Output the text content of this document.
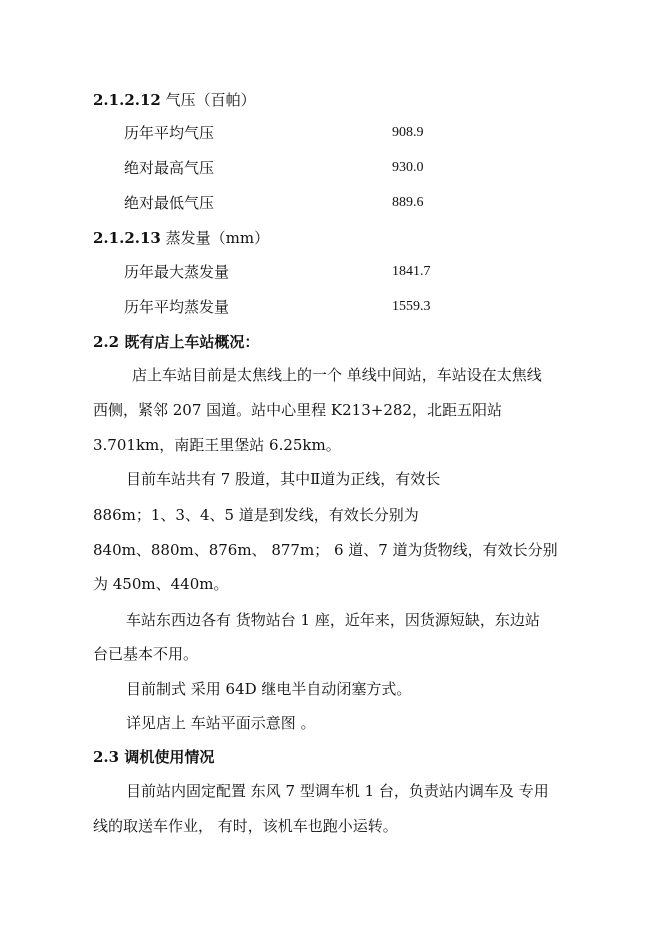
2.1.2.12 气压（百帕）
历年平均气压	908.9
绝对最高气压	930.0
绝对最低气压	889.6
2.1.2.13 蒸发量（mm）
历年最大蒸发量	1841.7
历年平均蒸发量	1559.3
2.2 既有店上车站概况：
店上车站目前是太焦线上的一个 单线中间站，车站设在太焦线
西侧，紧邻 207 国道。站中心里程 K213+282，北距五阳站
3.701km，南距王里堡站 6.25km。
目前车站共有 7 股道，其中Ⅱ道为正线，有效长
886m；1、3、4、5 道是到发线，有效长分别为
840m、880m、876m、 877m； 6 道、7 道为货物线，有效长分别
为 450m、440m。
车站东西边各有 货物站台 1 座，近年来，因货源短缺，东边站
台已基本不用。
目前制式 采用 64D 继电半自动闭塞方式。
详见店上 车站平面示意图 。
2.3 调机使用情况
目前站内固定配置 东风 7 型调车机 1 台，负责站内调车及 专用
线的取送车作业， 有时，该机车也跑小运转。
